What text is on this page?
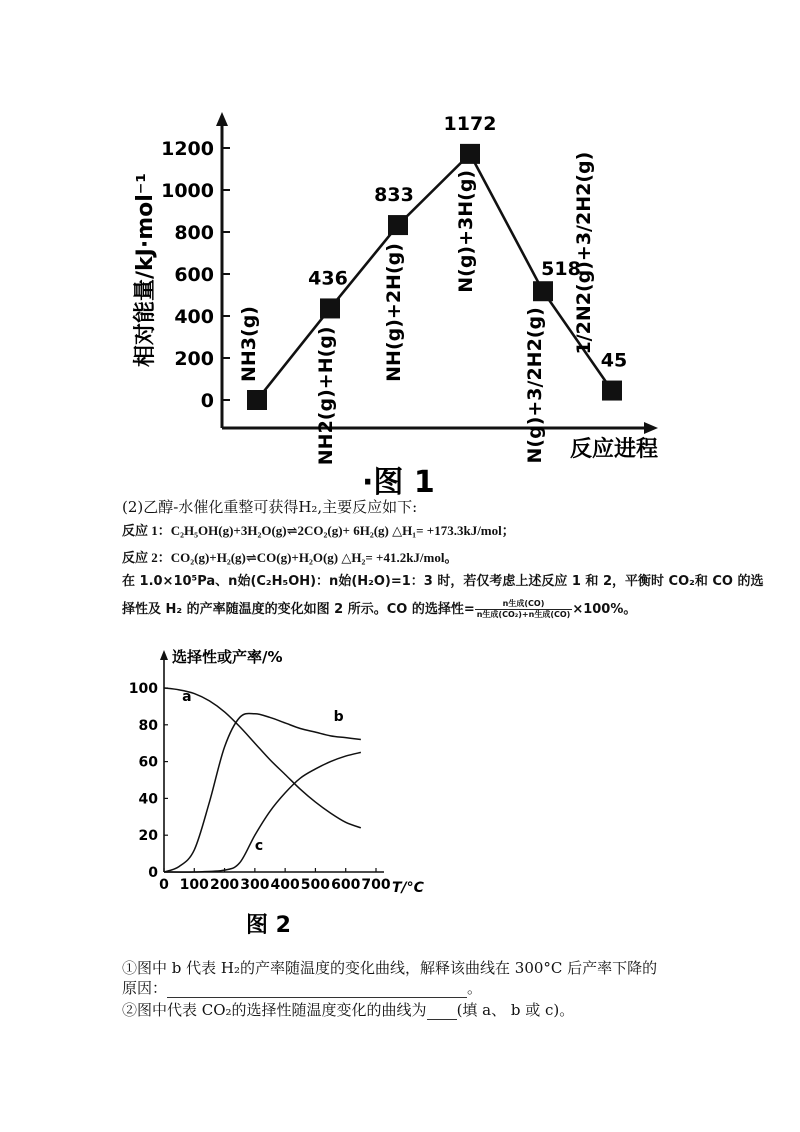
0
200
400
600
800
1000
1200
NH3(g)
436
NH2(g)+H(g)
833
NH(g)+2H(g)
1172
N(g)+3H(g)	518
N(g)+3/2H2(g)	45
1/2N2(g)+3/2H2(g)
相对能量/kJ·mol⁻¹
反应进程
·图 1
(2)乙醇-水催化重整可获得H₂,主要反应如下:
反应 1：C₂H₅OH(g)+3H₂O(g)⇌2CO₂(g)+ 6H₂(g) △H₁= +173.3kJ/mol；
反应 2：CO₂(g)+H₂(g)⇌CO(g)+H₂O(g) △H₂= +41.2kJ/mol。
在 1.0×10⁵Pa、n始(C₂H₅OH)：n始(H₂O)=1：3 时，若仅考虑上述反应 1 和 2，平衡时 CO₂和 CO 的选
择性及 H₂ 的产率随温度的变化如图 2 所示。CO 的选择性= $\frac{\text{n生成(CO)}}{\text{n生成(CO₂)+n生成(CO)}} \times 100\%$。
0
20
40
60
80
100
0 100 200 300 400 500 600 700
a
b
c
选择性或产率/%
T/°C
图 2
①图中 b 代表 H₂的产率随温度的变化曲线，解释该曲线在 300°C 后产率下降的
原因：	。
②图中代表 CO₂的选择性随温度变化的曲线为 (填 a、 b 或 c)。
